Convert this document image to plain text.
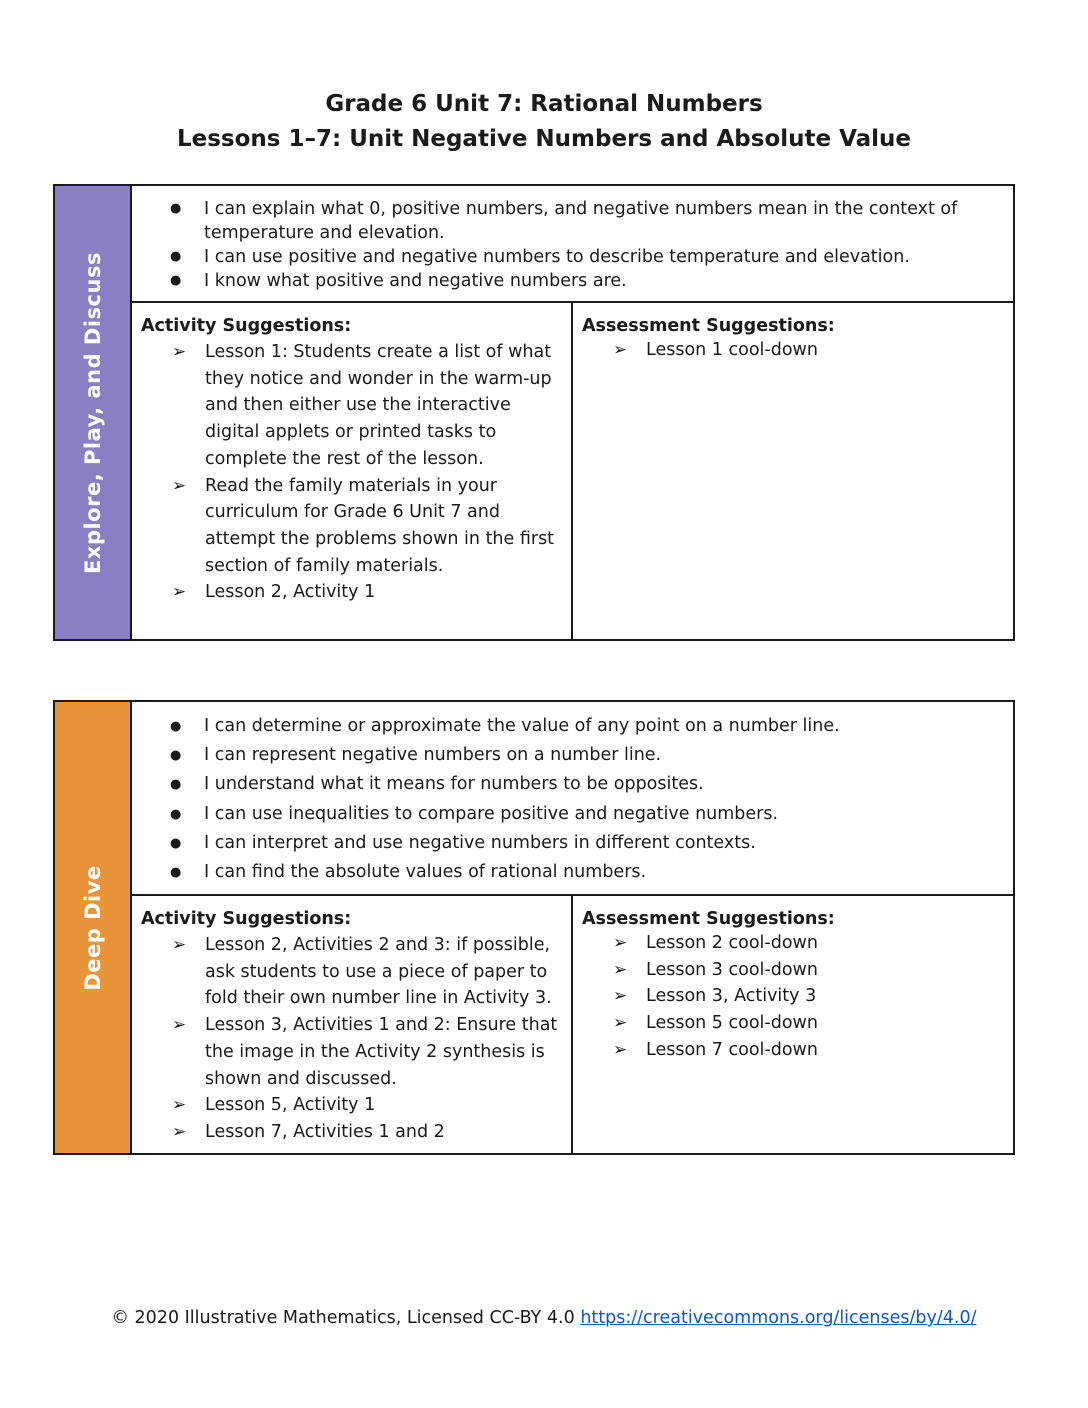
Grade 6 Unit 7: Rational Numbers
Lessons 1–7: Unit Negative Numbers and Absolute Value
Explore, Play, and Discuss
● I can explain what 0, positive numbers, and negative numbers mean in the context of temperature and elevation.
● I can use positive and negative numbers to describe temperature and elevation.
● I know what positive and negative numbers are.
Activity Suggestions:
➢ Lesson 1: Students create a list of what they notice and wonder in the warm-up and then either use the interactive digital applets or printed tasks to complete the rest of the lesson.
➢ Read the family materials in your curriculum for Grade 6 Unit 7 and attempt the problems shown in the first section of family materials.
➢ Lesson 2, Activity 1
Assessment Suggestions:
➢ Lesson 1 cool-down
Deep Dive
● I can determine or approximate the value of any point on a number line.
● I can represent negative numbers on a number line.
● I understand what it means for numbers to be opposites.
● I can use inequalities to compare positive and negative numbers.
● I can interpret and use negative numbers in different contexts.
● I can find the absolute values of rational numbers.
Activity Suggestions:
➢ Lesson 2, Activities 2 and 3: if possible, ask students to use a piece of paper to fold their own number line in Activity 3.
➢ Lesson 3, Activities 1 and 2: Ensure that the image in the Activity 2 synthesis is shown and discussed.
➢ Lesson 5, Activity 1
➢ Lesson 7, Activities 1 and 2
Assessment Suggestions:
➢ Lesson 2 cool-down
➢ Lesson 3 cool-down
➢ Lesson 3, Activity 3
➢ Lesson 5 cool-down
➢ Lesson 7 cool-down
© 2020 Illustrative Mathematics, Licensed CC-BY 4.0 https://creativecommons.org/licenses/by/4.0/
